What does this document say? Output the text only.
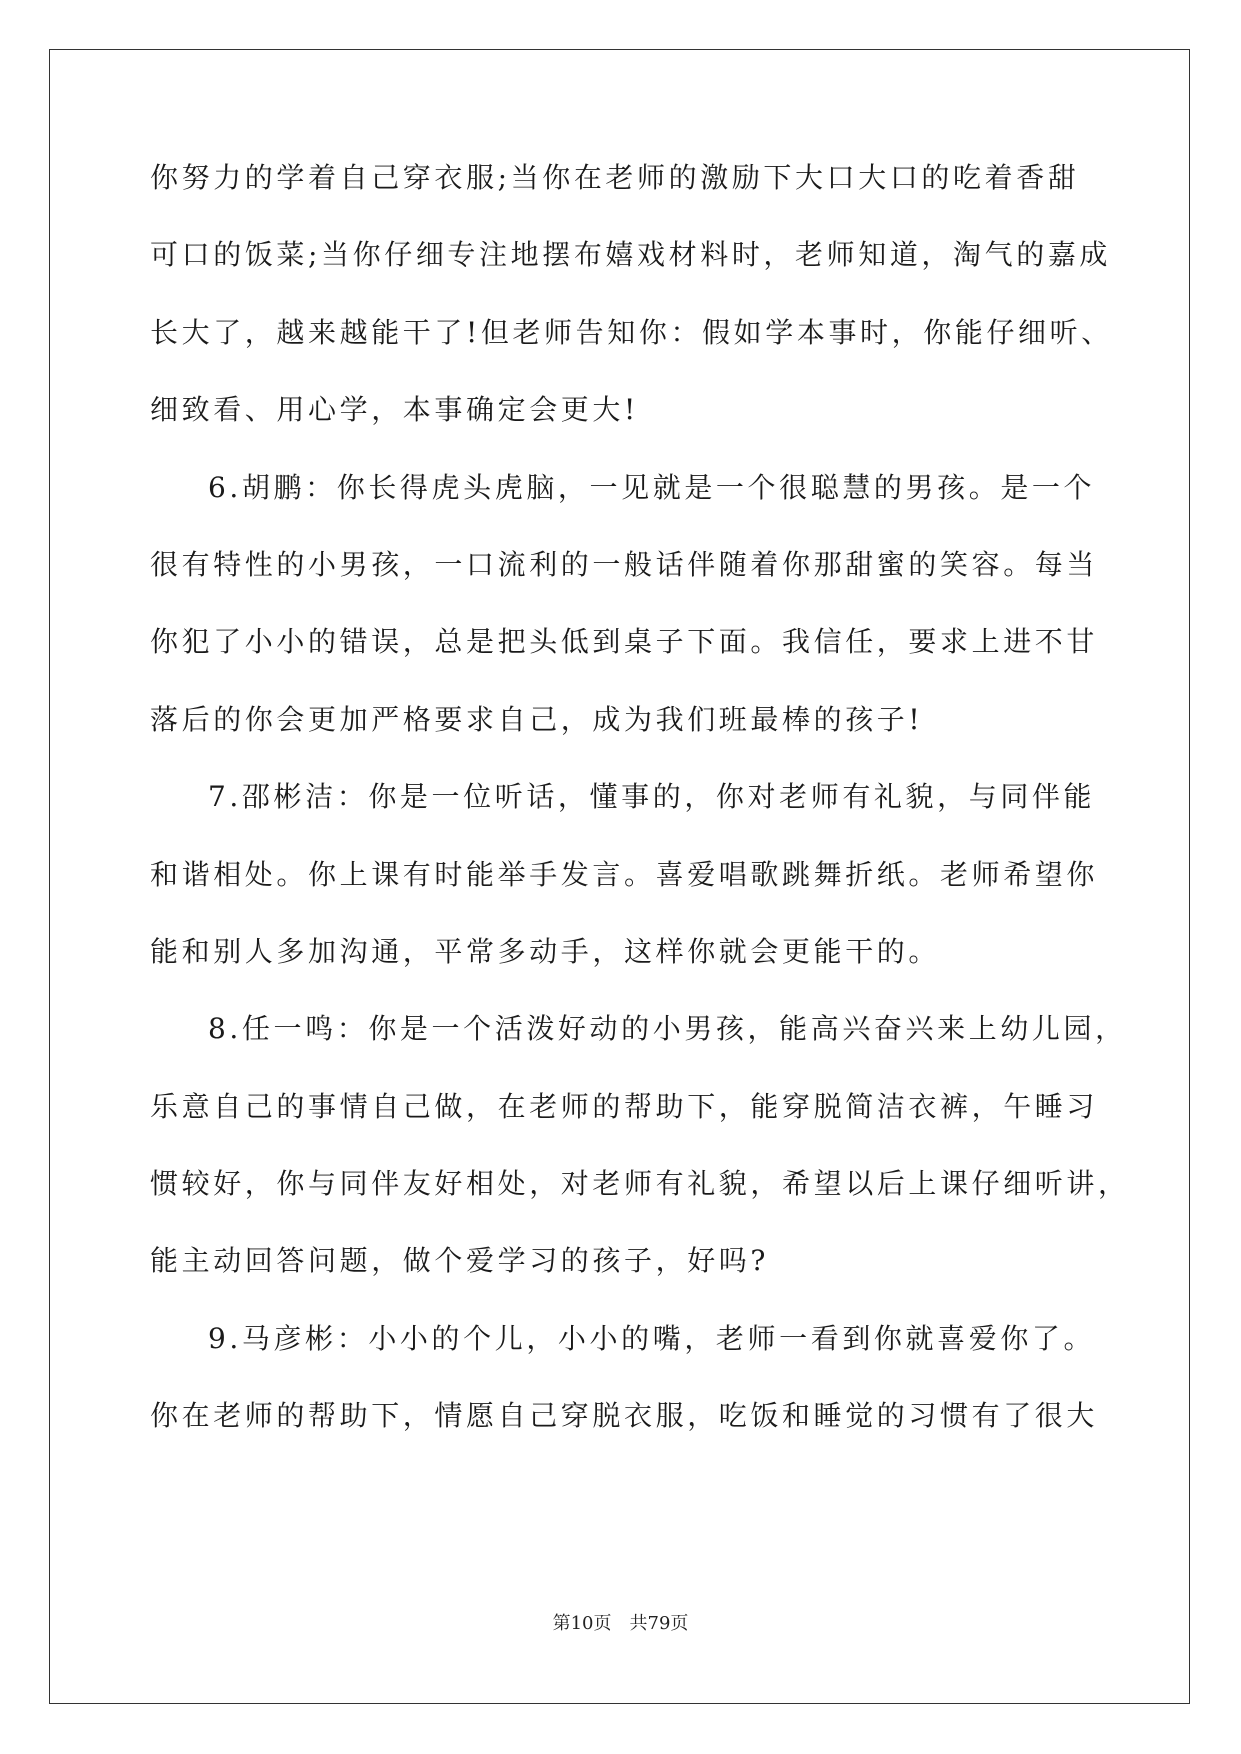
你努力的学着自己穿衣服;当你在老师的激励下大口大口的吃着香甜
可口的饭菜;当你仔细专注地摆布嬉戏材料时，老师知道，淘气的嘉成
长大了，越来越能干了!但老师告知你：假如学本事时，你能仔细听、
细致看、用心学，本事确定会更大!
6.胡鹏：你长得虎头虎脑，一见就是一个很聪慧的男孩。是一个
很有特性的小男孩，一口流利的一般话伴随着你那甜蜜的笑容。每当
你犯了小小的错误，总是把头低到桌子下面。我信任，要求上进不甘
落后的你会更加严格要求自己，成为我们班最棒的孩子!
7.邵彬洁：你是一位听话，懂事的，你对老师有礼貌，与同伴能
和谐相处。你上课有时能举手发言。喜爱唱歌跳舞折纸。老师希望你
能和别人多加沟通，平常多动手，这样你就会更能干的。
8.任一鸣：你是一个活泼好动的小男孩，能高兴奋兴来上幼儿园，
乐意自己的事情自己做，在老师的帮助下，能穿脱简洁衣裤，午睡习
惯较好，你与同伴友好相处，对老师有礼貌，希望以后上课仔细听讲，
能主动回答问题，做个爱学习的孩子，好吗?
9.马彦彬：小小的个儿，小小的嘴，老师一看到你就喜爱你了。
你在老师的帮助下，情愿自己穿脱衣服，吃饭和睡觉的习惯有了很大
第10页 共79页
